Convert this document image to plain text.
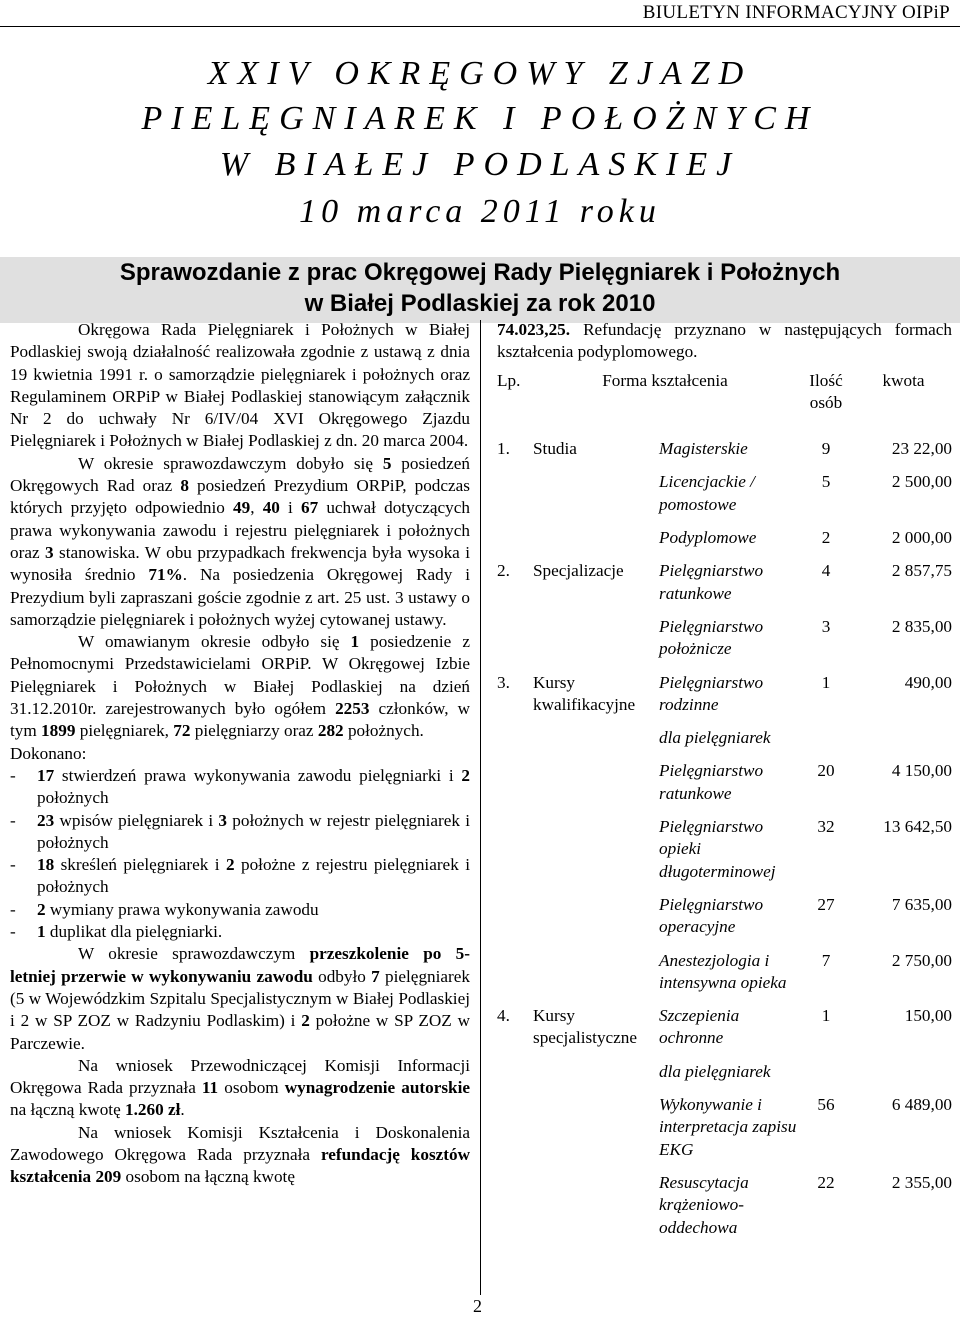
BIULETYN INFORMACYJNY OIPiP
XXIV OKRĘGOWY ZJAZD
PIELĘGNIAREK I POŁOŻNYCH
W BIAŁEJ PODLASKIEJ
10 marca 2011 roku
Sprawozdanie z prac Okręgowej Rady Pielęgniarek i Położnych
w Białej Podlaskiej za rok 2010

Okręgowa Rada Pielęgniarek i Położnych w Białej Podlaskiej swoją działalność realizowała zgodnie z ustawą z dnia 19 kwietnia 1991 r. o samorządzie pielęgniarek i położnych oraz Regulaminem ORPiP w Białej Podlaskiej stanowiącym załącznik Nr 2 do uchwały Nr 6/IV/04 XVI Okręgowego Zjazdu Pielęgniarek i Położnych w Białej Podlaskiej z dn. 20 marca 2004.

W okresie sprawozdawczym dobyło się 5 posiedzeń Okręgowych Rad oraz 8 posiedzeń Prezydium ORPiP, podczas których przyjęto odpowiednio 49, 40 i 67 uchwał dotyczących prawa wykonywania zawodu i rejestru pielęgniarek i położnych oraz 3 stanowiska. W obu przypadkach frekwencja była wysoka i wynosiła średnio 71%. Na posiedzenia Okręgowej Rady i Prezydium byli zapraszani goście zgodnie z art. 25 ust. 3 ustawy o samorządzie pielęgniarek i położnych wyżej cytowanej ustawy.

W omawianym okresie odbyło się 1 posiedzenie z Pełnomocnymi Przedstawicielami ORPiP. W Okręgowej Izbie Pielęgniarek i Położnych w Białej Podlaskiej na dzień 31.12.2010r. zarejestrowanych było ogółem 2253 członków, w tym 1899 pielęgniarek, 72 pielęgniarzy oraz 282 położnych.

Dokonano:

-	17 stwierdzeń prawa wykonywania zawodu pielęgniarki i 2 położnych
-	23 wpisów pielęgniarek i 3 położnych w rejestr pielęgniarek i położnych
-	18 skreśleń pielęgniarek i 2 położne z rejestru pielęgniarek i położnych
-	2 wymiany prawa wykonywania zawodu
-	1 duplikat dla pielęgniarki.

W okresie sprawozdawczym przeszkolenie po 5- letniej przerwie w wykonywaniu zawodu odbyło 7 pielęgniarek (5 w Wojewódzkim Szpitalu Specjalistycznym w Białej Podlaskiej i 2 w SP ZOZ w Radzyniu Podlaskim) i 2 położne w SP ZOZ w Parczewie.

Na wniosek Przewodniczącej Komisji Informacji Okręgowa Rada przyznała 11 osobom wynagrodzenie autorskie na łączną kwotę 1.260 zł.

Na wniosek Komisji Kształcenia i Doskonalenia Zawodowego Okręgowa Rada przyznała refundację kosztów kształcenia 209 osobom na łączną kwotę

74.023,25. Refundację przyznano w następujących formach kształcenia podyplomowego.

Lp.	Forma kształcenia		Ilość osób	kwota
1.	Studia	Magisterskie	9	23 22,00
		Licencjackie / pomostowe	5	2 500,00
		Podyplomowe	2	2 000,00
2.	Specjalizacje	Pielęgniarstwo ratunkowe	4	2 857,75
		Pielęgniarstwo położnicze	3	2 835,00
3.	Kursy kwalifikacyjne	Pielęgniarstwo rodzinne	1	490,00
		dla pielęgniarek		
		Pielęgniarstwo ratunkowe	20	4 150,00
		Pielęgniarstwo opieki długoterminowej	32	13 642,50
		Pielęgniarstwo operacyjne	27	7 635,00
		Anestezjologia i intensywna opieka	7	2 750,00
4.	Kursy specjalistyczne	Szczepienia ochronne	1	150,00
		dla pielęgniarek		
		Wykonywanie i interpretacja zapisu EKG	56	6 489,00
		Resuscytacja krążeniowo-oddechowa	22	2 355,00
2
